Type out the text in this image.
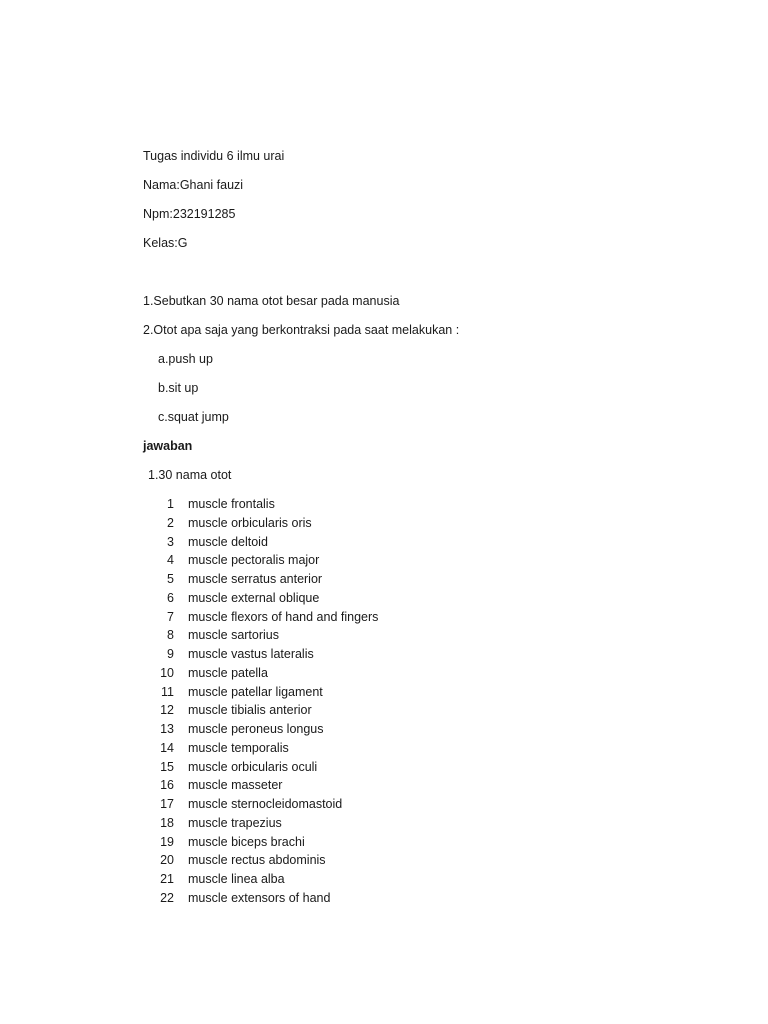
Tugas individu 6 ilmu urai
Nama:Ghani fauzi
Npm:232191285
Kelas:G
1.Sebutkan 30 nama otot besar pada manusia
2.Otot apa saja yang berkontraksi pada saat melakukan :
a.push up
b.sit up
c.squat jump
jawaban
1.30 nama otot
1 muscle frontalis
2 muscle orbicularis oris
3 muscle deltoid
4 muscle pectoralis major
5 muscle serratus anterior
6 muscle external oblique
7 muscle flexors of hand and fingers
8 muscle sartorius
9 muscle vastus lateralis
10 muscle patella
11 muscle patellar ligament
12 muscle tibialis anterior
13 muscle peroneus longus
14 muscle temporalis
15 muscle orbicularis oculi
16 muscle masseter
17 muscle sternocleidomastoid
18 muscle trapezius
19 muscle biceps brachi
20 muscle rectus abdominis
21 muscle linea alba
22 muscle extensors of hand
